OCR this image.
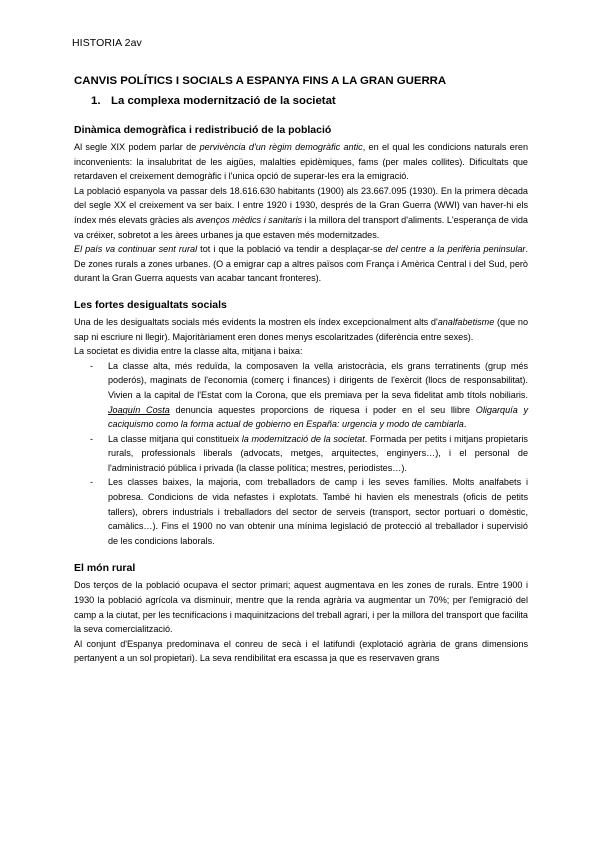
HISTORIA 2av
CANVIS POLÍTICS I SOCIALS A ESPANYA FINS A LA GRAN GUERRA
1. La complexa modernització de la societat
Dinàmica demogràfica i redistribució de la població

Al segle XIX podem parlar de pervivència d'un règim demogràfic antic, en el qual les condicions naturals eren inconvenients: la insalubritat de les aigües, malalties epidèmiques, fams (per males collites). Dificultats que retardaven el creixement demogràfic i l'unica opció de superar-les era la emigració.

La població espanyola va passar dels 18.616.630 habitants (1900) als 23.667.095 (1930). En la primera dècada del segle XX el creixement va ser baix. I entre 1920 i 1930, després de la Gran Guerra (WWI) van haver-hi els índex més elevats gràcies als avenços mèdics i sanitaris i la millora del transport d'aliments. L'esperança de vida va créixer, sobretot a les àrees urbanes ja que estaven més modernitzades.

El país va continuar sent rural tot i que la població va tendir a desplaçar-se del centre a la perifèria peninsular. De zones rurals a zones urbanes. (O a emigrar cap a altres països com França i Amèrica Central i del Sud, però durant la Gran Guerra aquests van acabar tancant fronteres).

Les fortes desigualtats socials

Una de les desigualtats socials més evidents la mostren els índex excepcionalment alts d'analfabetisme (que no sap ni escriure ni llegir). Majoritàriament eren dones menys escolaritzades (diferència entre sexes).

La societat es dividia entre la classe alta, mitjana i baixa:

- La classe alta, més reduïda, la composaven la vella aristocràcia, els grans terratinents (grup més poderós), maginats de l'economia (comerç i finances) i dirigents de l'exèrcit (llocs de responsabilitat). Vivien a la capital de l'Estat com la Corona, que els premiava per la seva fidelitat amb títols nobiliaris. Joaquín Costa denuncia aquestes proporcions de riquesa i poder en el seu llibre Oligarquía y caciquismo como la forma actual de gobierno en España: urgencia y modo de cambiarla.
- La classe mitjana qui constitueix la modernització de la societat. Formada per petits i mitjans propietaris rurals, professionals liberals (advocats, metges, arquitectes, enginyers…), i el personal de l'administració pública i privada (la classe política; mestres, periodistes…).
- Les classes baixes, la majoria, com treballadors de camp i les seves famílies. Molts analfabets i pobresa. Condicions de vida nefastes i explotats. També hi havien els menestrals (oficis de petits tallers), obrers industrials i treballadors del sector de serveis (transport, sector portuari o domèstic, camàlics…). Fins el 1900 no van obtenir una mínima legislació de protecció al treballador i supervisió de les condicions laborals.
El món rural

Dos terços de la població ocupava el sector primari; aquest augmentava en les zones de rurals. Entre 1900 i 1930 la població agrícola va disminuir, mentre que la renda agrària va augmentar un 70%; per l'emigració del camp a la ciutat, per les tecnificacions i maquinitzacions del treball agrari, i per la millora del transport que facilita la seva comercialització.

Al conjunt d'Espanya predominava el conreu de secà i el latifundi (explotació agrària de grans dimensions pertanyent a un sol propietari). La seva rendibilitat era escassa ja que es reservaven grans
